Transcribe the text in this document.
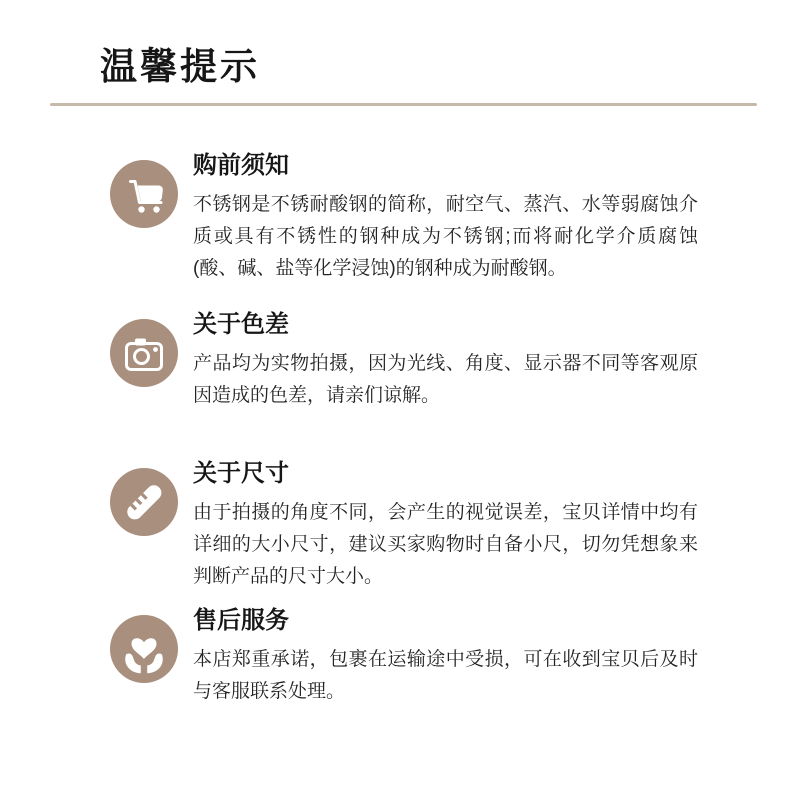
温馨提示
购前须知

不锈钢是不锈耐酸钢的简称，耐空气、蒸汽、水等弱腐蚀介质或具有不锈性的钢种成为不锈钢;而将耐化学介质腐蚀(酸、碱、盐等化学浸蚀)的钢种成为耐酸钢。

关于色差

产品均为实物拍摄，因为光线、角度、显示器不同等客观原因造成的色差，请亲们谅解。

关于尺寸

由于拍摄的角度不同，会产生的视觉误差，宝贝详情中均有详细的大小尺寸，建议买家购物时自备小尺，切勿凭想象来判断产品的尺寸大小。

售后服务

本店郑重承诺，包裹在运输途中受损，可在收到宝贝后及时与客服联系处理。
